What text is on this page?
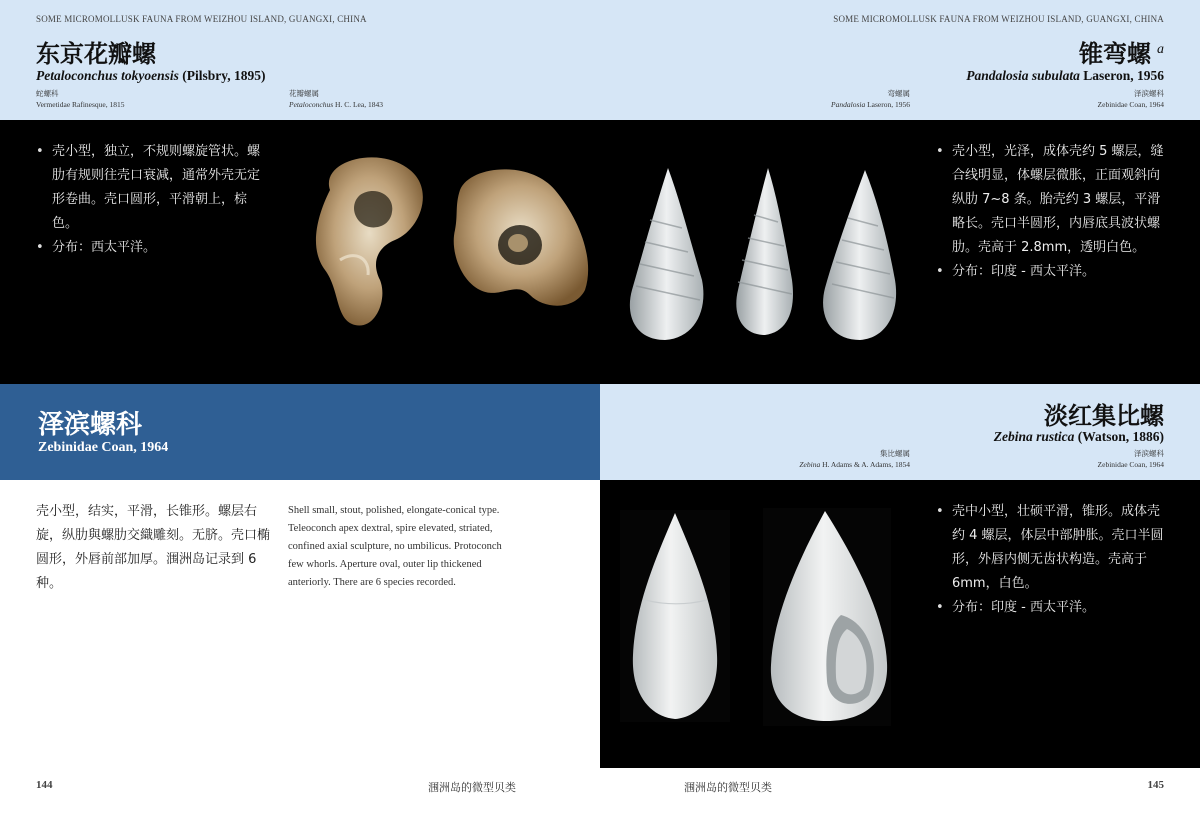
SOME MICROMOLLUSK FAUNA FROM WEIZHOU ISLAND, GUANGXI, CHINA
东京花瓣螺
Petaloconchus tokyoensis (Pilsbry, 1895)
蛇螺科
Vermetidae Rafinesque, 1815
花瓣螺属
Petaloconchus H. C. Lea, 1843
SOME MICROMOLLUSK FAUNA FROM WEIZHOU ISLAND, GUANGXI, CHINA
锥弯螺 $^a$
Pandalosia subulata Laseron, 1956
弯螺属
Pandalosia Laseron, 1956
泽滨螺科
Zebinidae Coan, 1964
• 壳小型，独立，不规则螺旋管状。螺肋有规则往壳口衰减，通常外壳无定形卷曲。壳口圆形，平滑朝上，棕色。
• 分布：西太平洋。
• 壳小型，光泽，成体壳约 5 螺层，缝合线明显，体螺层微胀，正面观斜向纵肋 7~8 条。胎壳约 3 螺层，平滑略长。壳口半圆形，内唇底具波状螺肋。壳高于 2.8mm，透明白色。
• 分布：印度 - 西太平洋。
泽滨螺科
Zebinidae Coan, 1964
壳小型，结实，平滑，长锥形。螺层右旋，纵肋與螺肋交織雕刻。无脐。壳口椭圆形，外唇前部加厚。涠洲岛记录到 6 种。
Shell small, stout, polished, elongate-conical type. Teleoconch apex dextral, spire elevated, striated, confined axial sculpture, no umbilicus. Protoconch few whorls. Aperture oval, outer lip thickened anteriorly. There are 6 species recorded.
淡红集比螺
Zebina rustica (Watson, 1886)
集比螺属
Zebina H. Adams & A. Adams, 1854
泽滨螺科
Zebinidae Coan, 1964
• 壳中小型，壮硕平滑，锥形。成体壳约 4 螺层，体层中部肿胀。壳口半圆形，外唇内侧无齿状构造。壳高于 6mm，白色。
• 分布：印度 - 西太平洋。
144	涠洲岛的微型贝类	涠洲岛的微型贝类	145
